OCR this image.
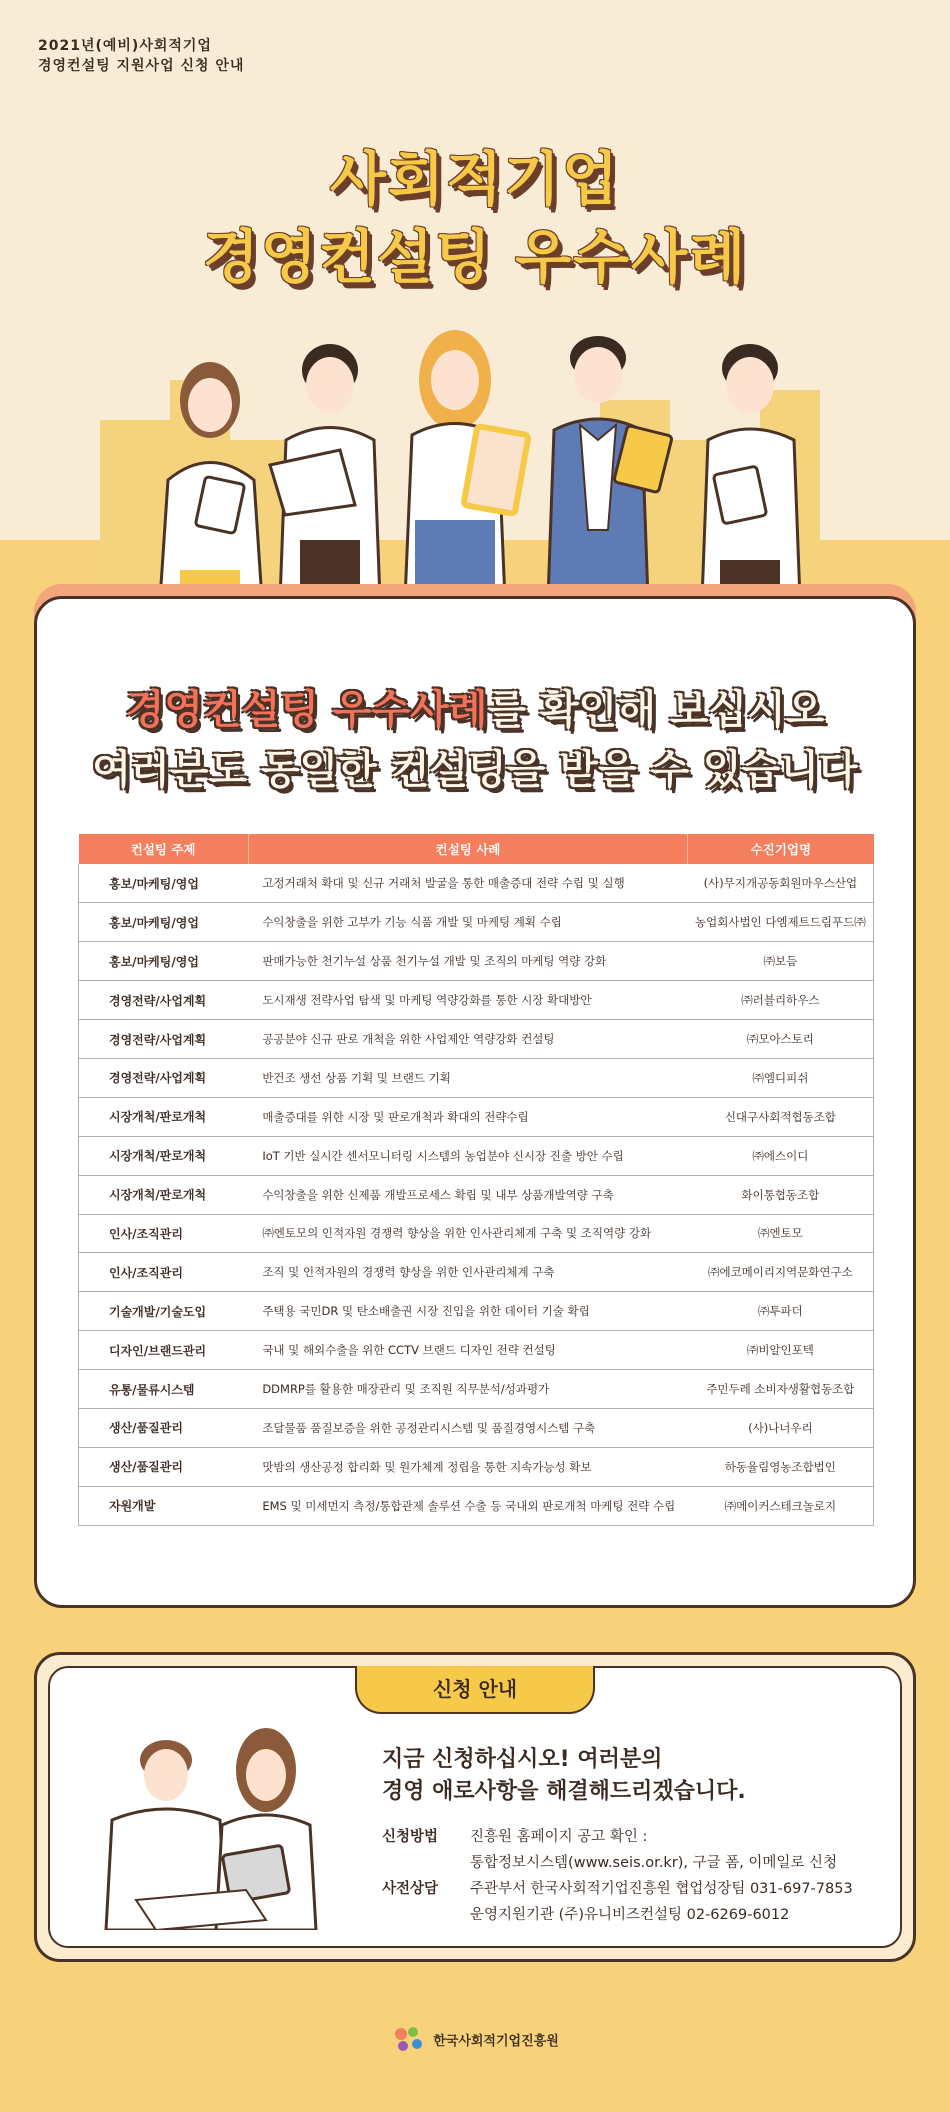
2021년(예비)사회적기업
경영컨설팅 지원사업 신청 안내
사회적기업
경영컨설팅 우수사례
경영컨설팅 우수사례를 확인해 보십시오
여러분도 동일한 컨설팅을 받을 수 있습니다
컨설팅 주제	컨설팅 사례	수진기업명
홍보/마케팅/영업	고정거래처 확대 및 신규 거래처 발굴을 통한 매출증대 전략 수립 및 실행	(사)무지개공동회원마우스산업
홍보/마케팅/영업	수익창출을 위한 고부가 기능 식품 개발 및 마케팅 계획 수립	농업회사법인 다엠제트드림푸드㈜
홍보/마케팅/영업	판매가능한 천기누설 상품 천기누설 개발 및 조직의 마케팅 역량 강화	㈜보듬
경영전략/사업계획	도시재생 전략사업 탐색 및 마케팅 역량강화를 통한 시장 확대방안	㈜러블리하우스
경영전략/사업계획	공공분야 신규 판로 개척을 위한 사업제안 역량강화 컨설팅	㈜모아스토리
경영전략/사업계획	반건조 생선 상품 기획 및 브랜드 기획	㈜엠디피쉬
시장개척/판로개척	매출증대를 위한 시장 및 판로개척과 확대의 전략수립	신대구사회적협동조합
시장개척/판로개척	IoT 기반 실시간 센서모니터링 시스템의 농업분야 신시장 진출 방안 수립	㈜에스이디
시장개척/판로개척	수익창출을 위한 신제품 개발프로세스 확립 및 내부 상품개발역량 구축	화이통협동조합
인사/조직관리	㈜엔토모의 인적자원 경쟁력 향상을 위한 인사관리체계 구축 및 조직역량 강화	㈜엔토모
인사/조직관리	조직 및 인적자원의 경쟁력 향상을 위한 인사관리체계 구축	㈜에코메이리지역문화연구소
기술개발/기술도입	주택용 국민DR 및 탄소배출권 시장 진입을 위한 데이터 기술 확립	㈜투파더
디자인/브랜드관리	국내 및 해외수출을 위한 CCTV 브랜드 디자인 전략 컨설팅	㈜비알인포텍
유통/물류시스템	DDMRP를 활용한 매장관리 및 조직원 직무분석/성과평가	주민두레 소비자생활협동조합
생산/품질관리	조달물품 품질보증을 위한 공정관리시스템 및 품질경영시스템 구축	(사)나너우리
생산/품질관리	맛밤의 생산공정 합리화 및 원가체계 정립을 통한 지속가능성 확보	하동율림영농조합법인
자원개발	EMS 및 미세먼지 측정/통합관제 솔루션 수출 등 국내외 판로개척 마케팅 전략 수립	㈜메이커스테크놀로지
신청 안내
지금 신청하십시오! 여러분의
경영 애로사항을 해결해드리겠습니다.
신청방법	진흥원 홈페이지 공고 확인 :
통합정보시스템(www.seis.or.kr), 구글 폼, 이메일로 신청
사전상담	주관부서 한국사회적기업진흥원 협업성장팀 031-697-7853
운영지원기관 (주)유니비즈컨설팅 02-6269-6012
한국사회적기업진흥원
